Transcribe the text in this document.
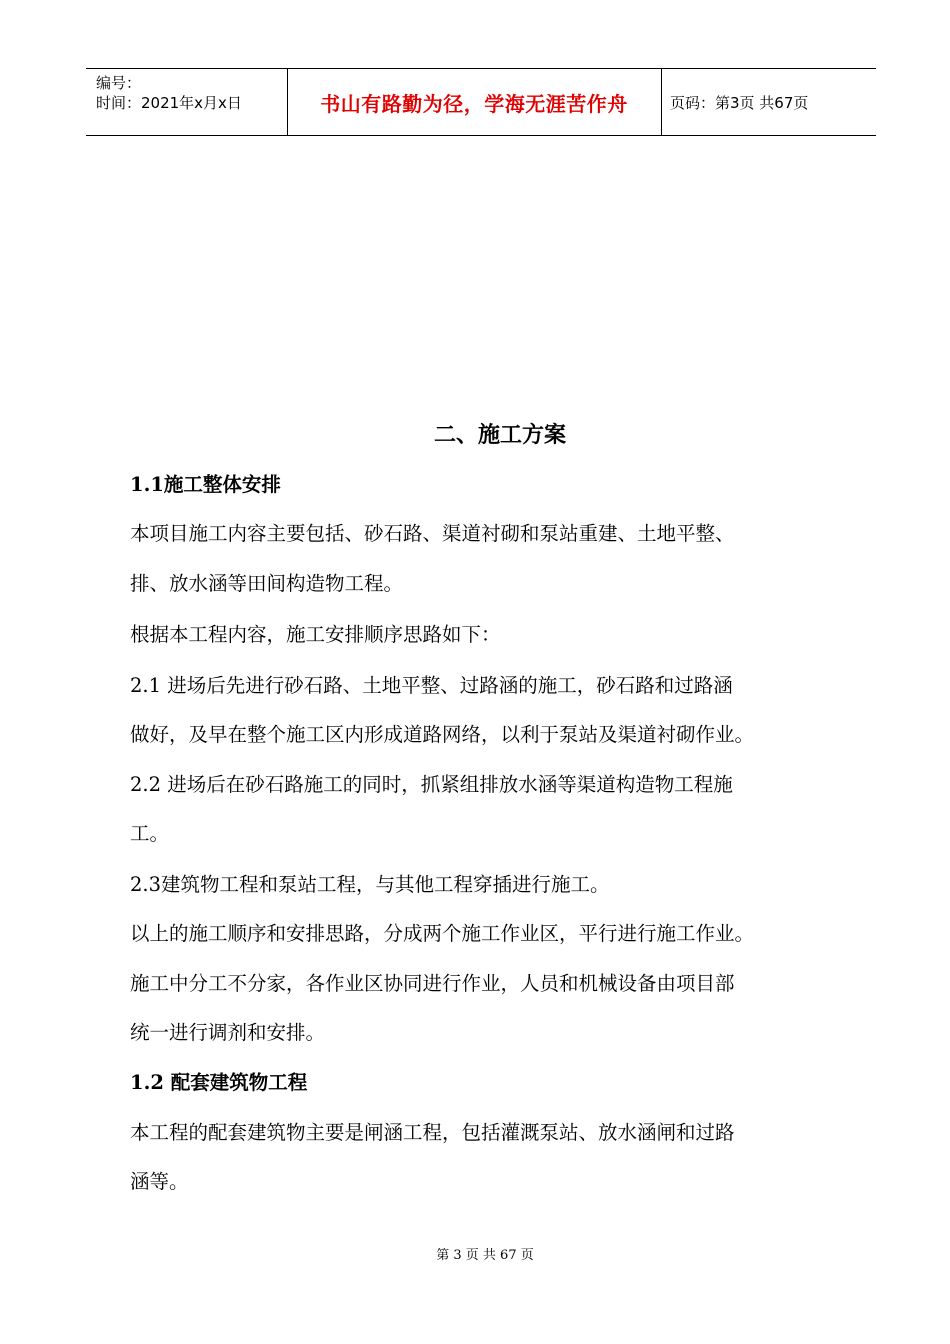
编号：
时间：2021年x月x日	书山有路勤为径，学海无涯苦作舟	页码：第3页 共67页
二、施工方案
1.1施工整体安排
本项目施工内容主要包括、砂石路、渠道衬砌和泵站重建、土地平整、
排、放水涵等田间构造物工程。
根据本工程内容，施工安排顺序思路如下：
2.1 进场后先进行砂石路、土地平整、过路涵的施工，砂石路和过路涵
做好，及早在整个施工区内形成道路网络，以利于泵站及渠道衬砌作业。
2.2 进场后在砂石路施工的同时，抓紧组排放水涵等渠道构造物工程施
工。
2.3建筑物工程和泵站工程，与其他工程穿插进行施工。
以上的施工顺序和安排思路，分成两个施工作业区，平行进行施工作业。
施工中分工不分家，各作业区协同进行作业，人员和机械设备由项目部
统一进行调剂和安排。
1.2 配套建筑物工程
本工程的配套建筑物主要是闸涵工程，包括灌溉泵站、放水涵闸和过路
涵等。
第 3 页 共 67 页
